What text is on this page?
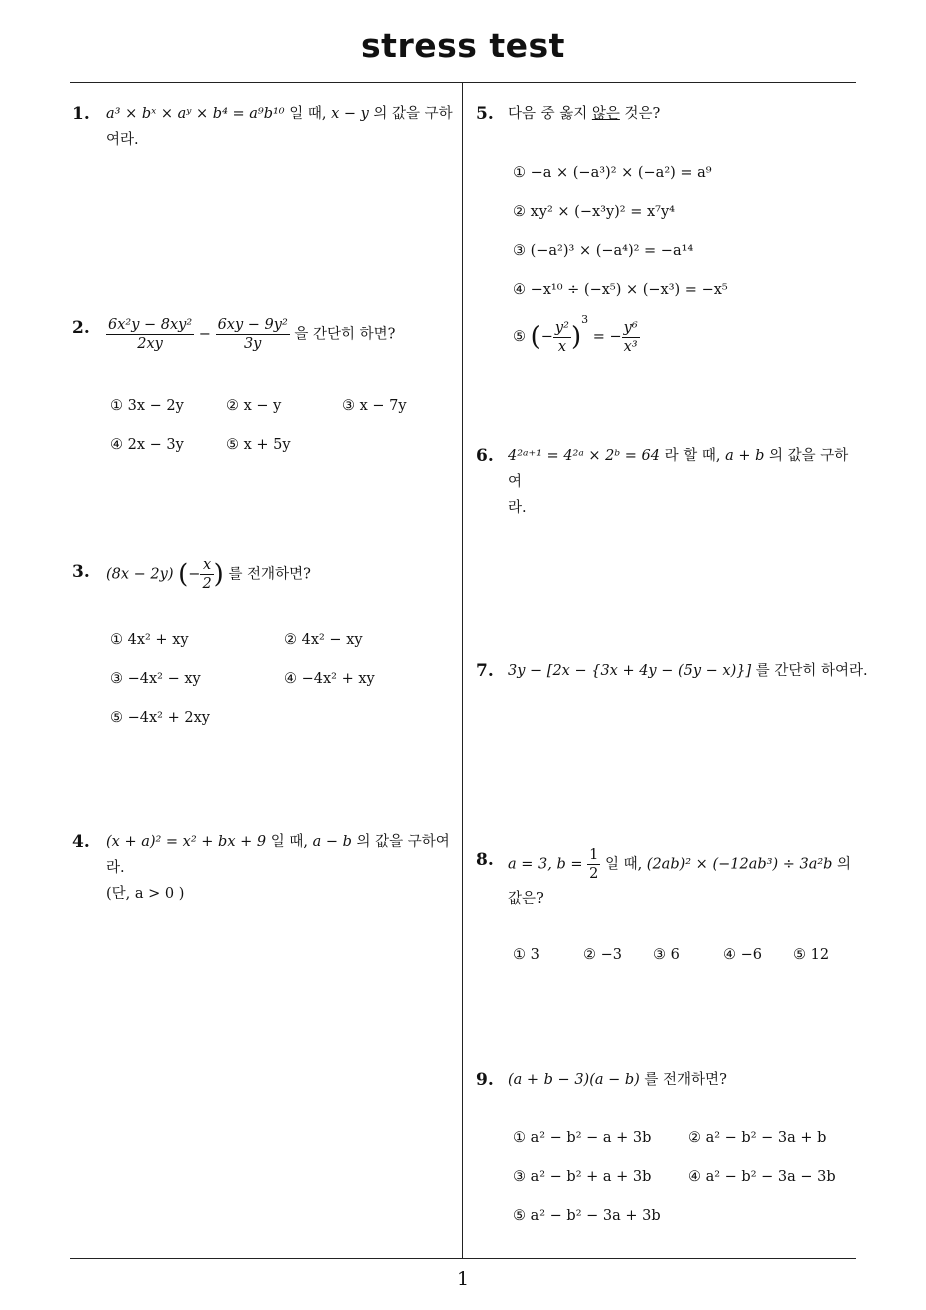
stress test
1
1. a³ × bˣ × aʸ × b⁴ = a⁹b¹⁰ 일 때, x − y 의 값을 구하
여라.
2. $\frac{\text{6x²y − 8xy²}}{2xy} - \frac{\text{6xy − 9y²}}{3y}$ 을 간단히 하면?
① 3x − 2y	② x − y	③ x − 7y
④ 2x − 3y	⑤ x + 5y
3. (8x − 2y) (− $\frac{x}{2}$ ) 를 전개하면?
① 4x² + xy	② 4x² − xy
③ −4x² − xy	④ −4x² + xy
⑤ −4x² + 2xy
4. (x + a)² = x² + bx + 9 일 때, a − b 의 값을 구하여라.
(단, a > 0 )
5. 다음 중 옳지 않은 것은?
① −a × (−a³)² × (−a²) = a⁹
② xy² × (−x³y)² = x⁷y⁴
③ (−a²)³ × (−a⁴)² = −a¹⁴
④ −x¹⁰ ÷ (−x⁵) × (−x³) = −x⁵
⑤ (− $\frac{\text{y²}}{x} )^3$ = − $\frac{\text{y⁶}}{\text{x³}}$
6. 4²ᵃ⁺¹ = 4²ᵃ × 2ᵇ = 64 라 할 때, a + b 의 값을 구하여
라.
7. 3y − [2x − {3x + 4y − (5y − x)}] 를 간단히 하여라.
8. a = 3, $b = \frac{1}{2}$ 일 때, (2ab)² × (−12ab³) ÷ 3a²b 의
값은?
① 3	② −3 ③ 6	④ −6 ⑤ 12
9. (a + b − 3)(a − b) 를 전개하면?
① a² − b² − a + 3b	② a² − b² − 3a + b
③ a² − b² + a + 3b	④ a² − b² − 3a − 3b
⑤ a² − b² − 3a + 3b
